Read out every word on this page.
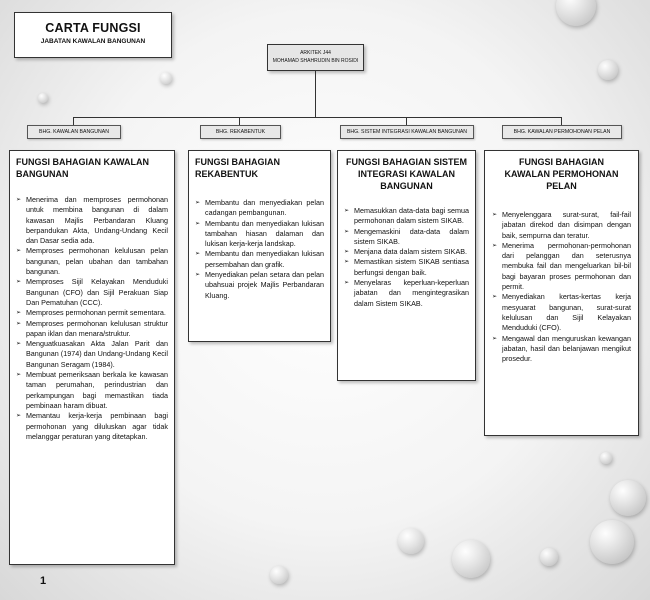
CARTA FUNGSI
JABATAN KAWALAN BANGUNAN
ARKITEK J44
MOHAMAD SHAHRUDIN BIN ROSIDI
BHG. KAWALAN BANGUNAN	BHG. REKABENTUK	BHG. SISTEM INTEGRASI KAWALAN BANGUNAN	BHG. KAWALAN PERMOHONAN PELAN
FUNGSI BAHAGIAN KAWALAN BANGUNAN
➢ Menerima dan memproses permohonan untuk membina bangunan di dalam kawasan Majlis Perbandaran Kluang berpandukan Akta, Undang-Undang Kecil dan Dasar sedia ada.
➢ Memproses permohonan kelulusan pelan bangunan, pelan ubahan dan tambahan bangunan.
➢ Memproses Sijil Kelayakan Menduduki Bangunan (CFO) dan Sijil Perakuan Siap Dan Pematuhan (CCC).
➢ Memproses permohonan permit sementara.
➢ Memproses permohonan kelulusan struktur papan iklan dan menara/struktur.
➢ Menguatkuasakan Akta Jalan Parit dan Bangunan (1974) dan Undang-Undang Kecil Bangunan Seragam (1984).
➢ Membuat pemeriksaan berkala ke kawasan taman perumahan, perindustrian dan perkampungan bagi memastikan tiada pembinaan haram dibuat.
➢ Memantau kerja-kerja pembinaan bagi permohonan yang diluluskan agar tidak melanggar peraturan yang ditetapkan.
FUNGSI BAHAGIAN REKABENTUK
➢ Membantu dan menyediakan pelan cadangan pembangunan.
➢ Membantu dan menyediakan lukisan tambahan hiasan dalaman dan lukisan kerja-kerja landskap.
➢ Membantu dan menyediakan lukisan persembahan dan grafik.
➢ Menyediakan pelan setara dan pelan ubahsuai projek Majlis Perbandaran Kluang.
FUNGSI BAHAGIAN SISTEM INTEGRASI KAWALAN BANGUNAN
➢ Memasukkan data-data bagi semua permohonan dalam sistem SIKAB.
➢ Mengemaskini data-data dalam sistem SIKAB.
➢ Menjana data dalam sistem SIKAB.
➢ Memastikan sistem SIKAB sentiasa berfungsi dengan baik.
➢ Menyelaras keperluan-keperluan jabatan dan mengintegrasikan dalam Sistem SIKAB.
FUNGSI BAHAGIAN KAWALAN PERMOHONAN PELAN
➢ Menyelenggara surat-surat, fail-fail jabatan direkod dan disimpan dengan baik, sempurna dan teratur.
➢ Menerima permohonan-permohonan dari pelanggan dan seterusnya membuka fail dan mengeluarkan bil-bil bagi bayaran proses permohonan dan permit.
➢ Menyediakan kertas-kertas kerja mesyuarat bangunan, surat-surat kelulusan dan Sijil Kelayakan Menduduki (CFO).
➢ Mengawal dan menguruskan kewangan jabatan, hasil dan belanjawan mengikut prosedur.
1
